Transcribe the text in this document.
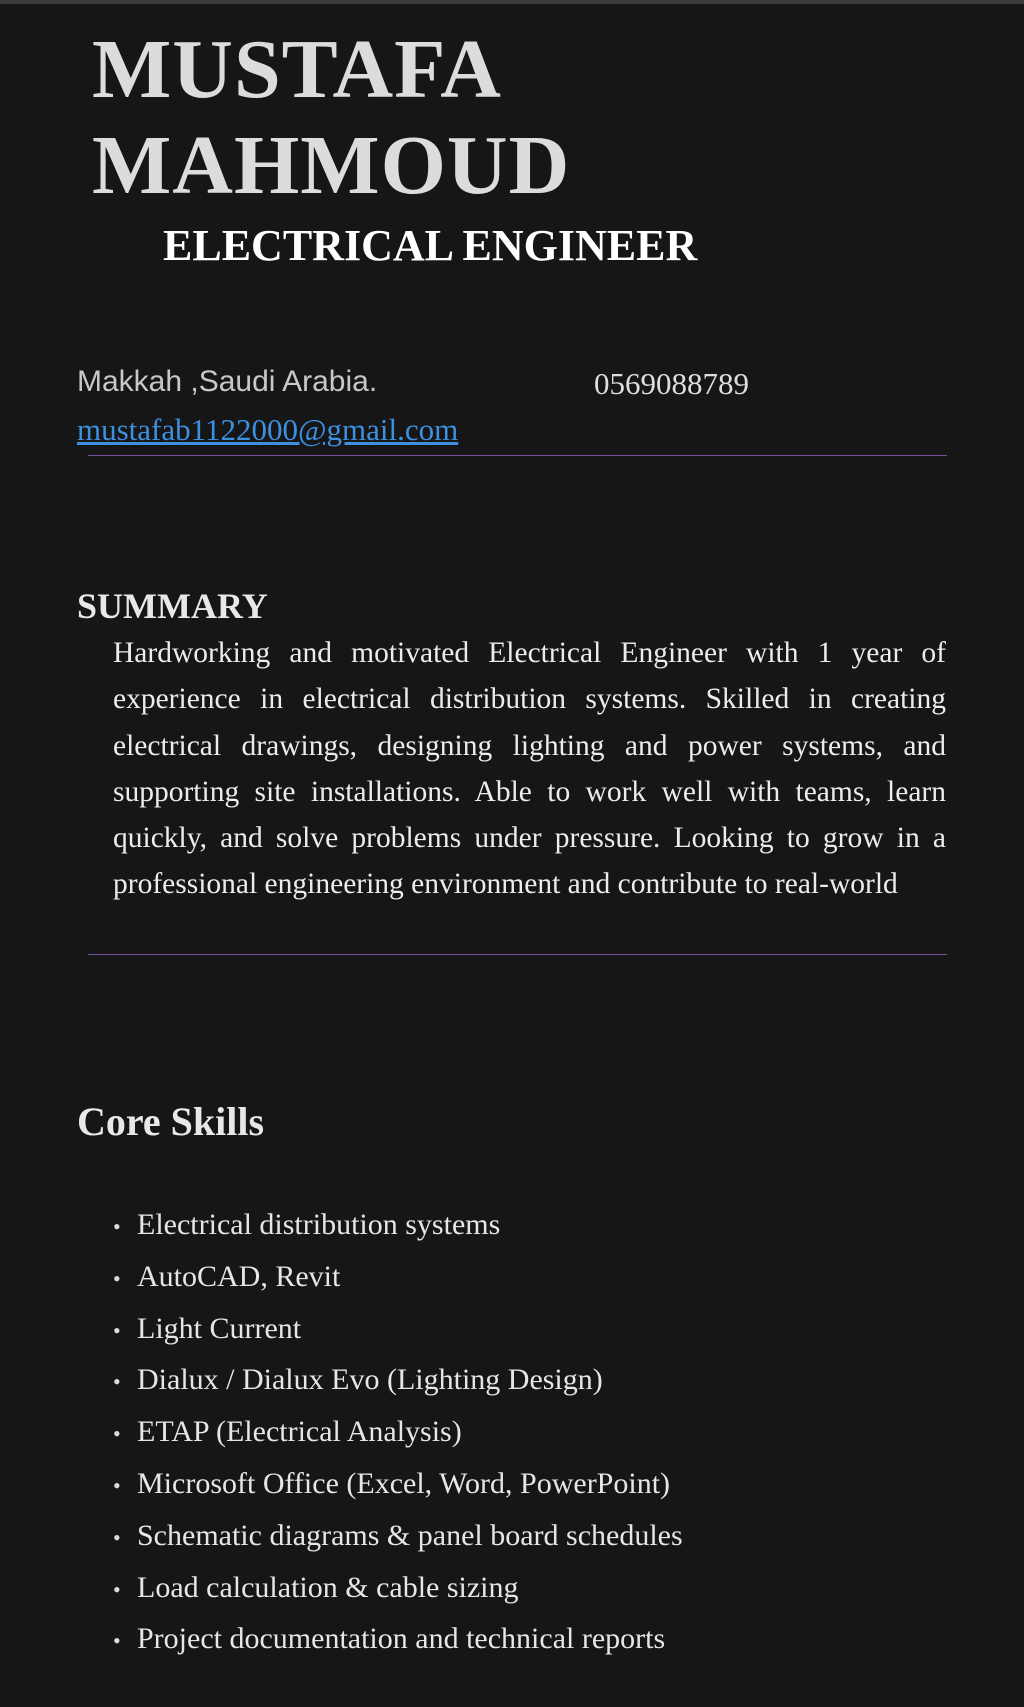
MUSTAFA
MAHMOUD
ELECTRICAL ENGINEER
Makkah ,Saudi Arabia.	0569088789
mustafab1122000@gmail.com
SUMMARY

Hardworking and motivated Electrical Engineer with 1 year of experience in electrical distribution systems. Skilled in creating electrical drawings, designing lighting and power systems, and supporting site installations. Able to work well with teams, learn quickly, and solve problems under pressure. Looking to grow in a professional engineering environment and contribute to real-world

Core Skills
• Electrical distribution systems
• AutoCAD, Revit
• Light Current
• Dialux / Dialux Evo (Lighting Design)
• ETAP (Electrical Analysis)
• Microsoft Office (Excel, Word, PowerPoint)
• Schematic diagrams & panel board schedules
• Load calculation & cable sizing
• Project documentation and technical reports
